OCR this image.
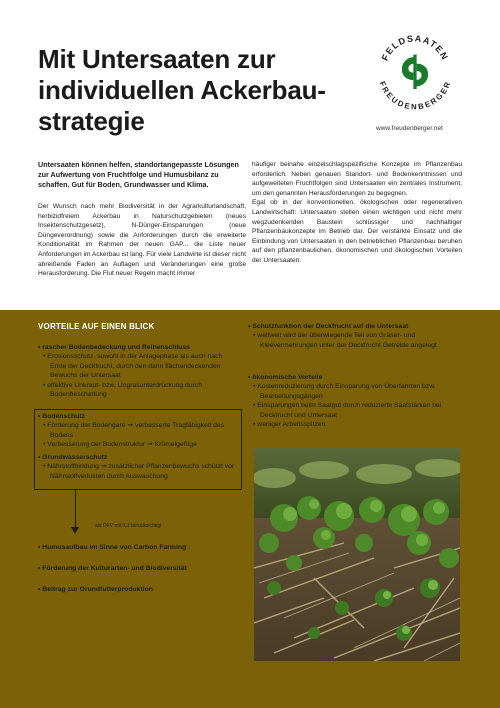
Mit Untersaaten zur individuellen Ackerbaustrategie
FELDSAATEN
FREUDENBERGER
www.freudenberger.net

Untersaaten können helfen, standortangepasste Lösungen zur Aufwertung von Fruchtfolge und Humusbilanz zu schaffen. Gut für Boden, Grundwasser und Klima.

Der Wunsch nach mehr Biodiversität in der Agrarkulturlandschaft, herbizidfreiem Ackerbau in Naturschutzgebieten (neues Insektenschutzgesetz), N-Dünger-Einsparungen (neue Düngeverordnung) sowie die Anforderungen durch die erweiterte Konditionalität im Rahmen der neuen GAP... die Liste neuer Anforderungen im Ackerbau ist lang. Für viele Landwirte ist dieser nicht abreißende Faden an Auflagen und Veränderungen eine große Herausforderung. Die Flut neuer Regeln macht immer

häufiger beinahe einzelschlagspezifische Konzepte im Pflanzenbau erforderlich. Neben genauen Standort- und Bodenkenntnissen und aufgeweiteten Fruchtfolgen sind Untersaaten ein zentrales Instrument, um den genannten Herausforderungen zu begegnen.

Egal ob in der konventionellen, ökologischen oder regenerativen Landwirtschaft: Untersaaten stellen einen wichtigen und nicht mehr wegzudenkenden Baustein schlüssiger und nachhaltiger Pflanzenbaukonzepte im Betrieb dar. Der verstärkte Einsatz und die Einbindung von Untersaaten in den betrieblichen Pflanzenbau beruhen auf den pflanzenbaulichen, ökonomischen und ökologischen Vorteilen der Untersaaten.

VORTEILE AUF EINEN BLICK
• rascher Bodenbedeckung und Reihenschluss
• Erosionsschutz, sowohl in der Anlagephase als auch nach Ernte der Deckfrucht, durch den dann flächendeckenden Bewuchs der Untersaat
• effektive Unkraut- bzw. Ungrasunterdrückung durch Bodenbeschattung
• Bodenschutz
• Förderung der Bodengare ➞ verbesserte Tragfähigkeit des Bodens
• Verbesserung der Bodenstruktur ➞ Krümelgefüge
• Grundwasserschutz
• Nährstoffbindung ➞ zusätzlicher Pflanzenbewuchs schützt vor Nährstoffverlusten durch Auswaschung
als ÖFV mit 0,3 berücksichtigt
• Humusaufbau im Sinne von Carbon Farming
• Förderung der Kulturarten- und Biodiversität
• Beitrag zur Grundfutterproduktion
• Schutzfunktion der Deckfrucht auf die Untersaat
• weltweit wird der überwiegende Teil von Gräser- und Kleevermehrungen unter der Deckfrucht Getreide angelegt
• ökonomische Vorteile
• Kostenreduzierung durch Einsparung von Überfahrten bzw. Bearbeitungsgängen
• Einsparungen beim Saatgut durch reduzierte Saatstärken bei Deckfrucht und Untersaat
• weniger Arbeitsspitzen
